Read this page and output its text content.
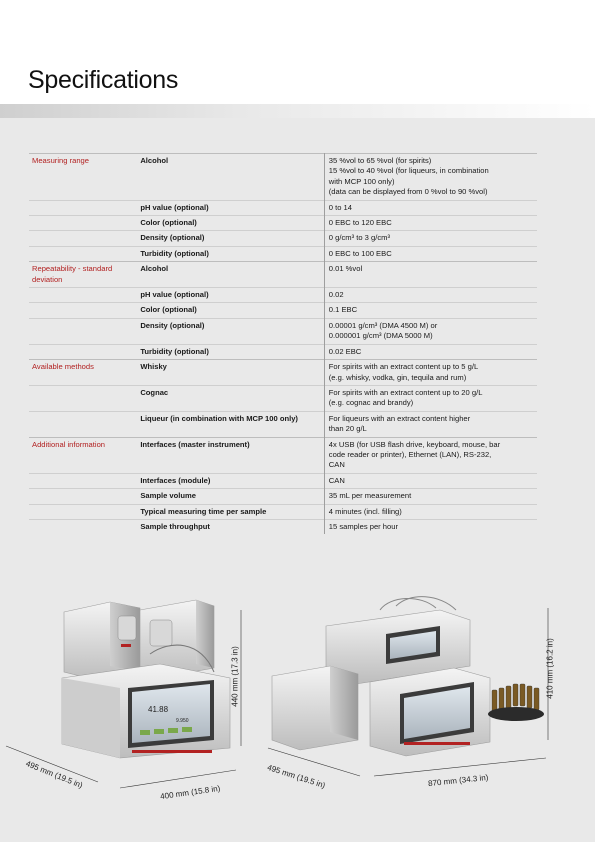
Specifications
Measuring range	Alcohol	35 %vol to 65 %vol (for spirits)
15 %vol to 40 %vol (for liqueurs, in combination
with MCP 100 only)
(data can be displayed from 0 %vol to 90 %vol)

	pH value (optional)	0 to 14

	Color (optional)	0 EBC to 120 EBC

	Density (optional)	0 g/cm³ to 3 g/cm³

	Turbidity (optional)	0 EBC to 100 EBC

Repeatability - standard deviation	Alcohol	0.01 %vol

	pH value (optional)	0.02

	Color (optional)	0.1 EBC

	Density (optional)	0.00001 g/cm³ (DMA 4500 M) or
0.000001 g/cm³ (DMA 5000 M)

	Turbidity (optional)	0.02 EBC

Available methods	Whisky	For spirits with an extract content up to 5 g/L
(e.g. whisky, vodka, gin, tequila and rum)

	Cognac	For spirits with an extract content up to 20 g/L
(e.g. cognac and brandy)

	Liqueur (in combination with MCP 100 only)	For liqueurs with an extract content higher
than 20 g/L

Additional information	Interfaces (master instrument)	4x USB (for USB flash drive, keyboard, mouse, bar
code reader or printer), Ethernet (LAN), RS-232,
CAN

	Interfaces (module)	CAN

	Sample volume	35 mL per measurement

	Typical measuring time per sample	4 minutes (incl. filling)

	Sample throughput	15 samples per hour
41.88
9.950
440 mm (17.3 in)
495 mm (19.5 in)
400 mm (15.8 in)
495 mm (19.5 in)	870 mm (34.3 in)
410 mm (16.2 in)
